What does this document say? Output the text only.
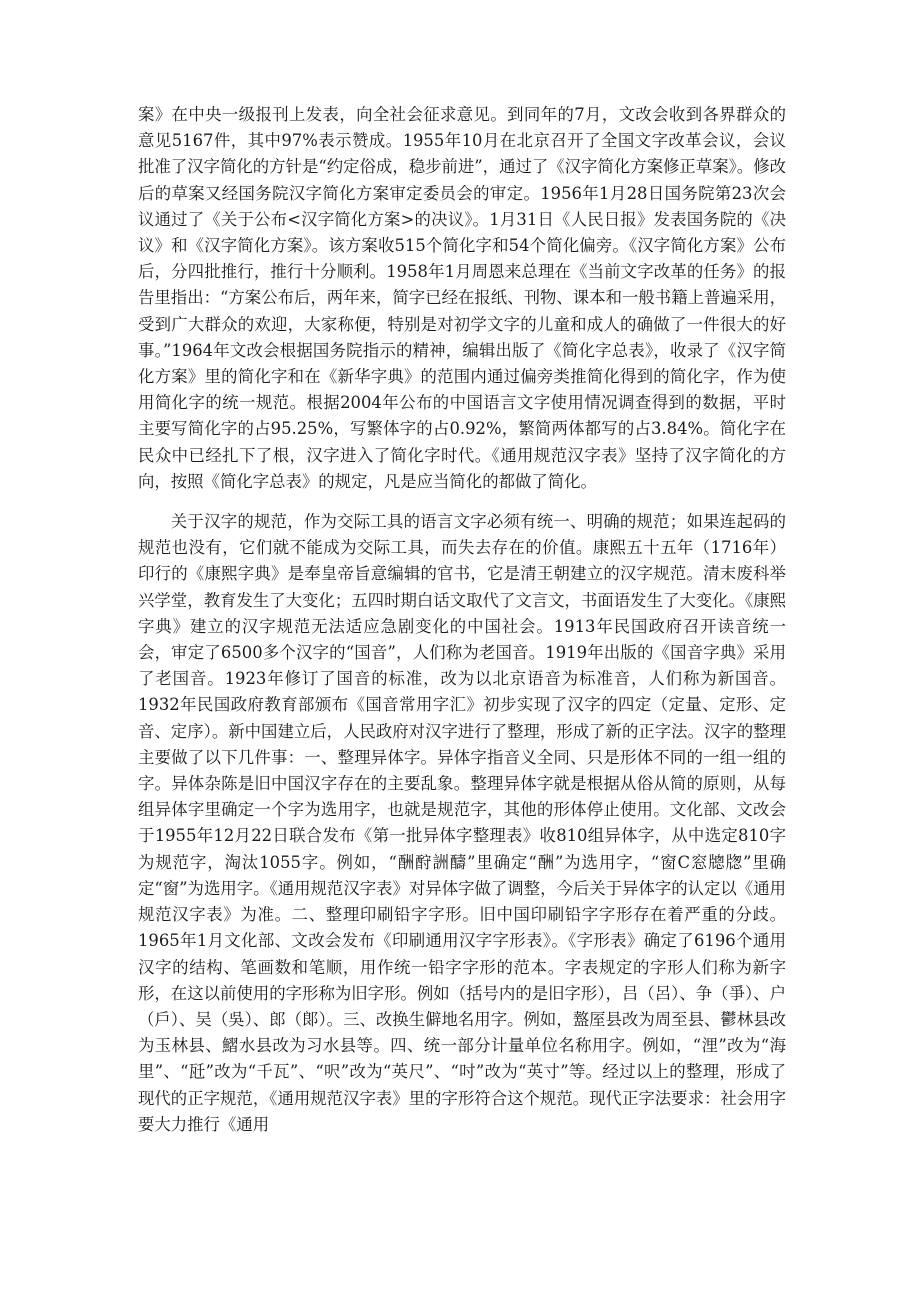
案》在中央一级报刊上发表，向全社会征求意见。到同年的7月，文改会收到各界群众的意见5167件，其中97%表示赞成。1955年10月在北京召开了全国文字改革会议，会议批准了汉字简化的方针是“约定俗成，稳步前进”，通过了《汉字简化方案修正草案》。修改后的草案又经国务院汉字简化方案审定委员会的审定。1956年1月28日国务院第23次会议通过了《关于公布<汉字简化方案>的决议》。1月31日《人民日报》发表国务院的《决议》和《汉字简化方案》。该方案收515个简化字和54个简化偏旁。《汉字简化方案》公布后，分四批推行，推行十分顺利。1958年1月周恩来总理在《当前文字改革的任务》的报告里指出：“方案公布后，两年来，简字已经在报纸、刊物、课本和一般书籍上普遍采用，受到广大群众的欢迎，大家称便，特别是对初学文字的儿童和成人的确做了一件很大的好事。”1964年文改会根据国务院指示的精神，编辑出版了《简化字总表》，收录了《汉字简化方案》里的简化字和在《新华字典》的范围内通过偏旁类推简化得到的简化字，作为使用简化字的统一规范。根据2004年公布的中国语言文字使用情况调查得到的数据，平时主要写简化字的占95.25%，写繁体字的占0.92%，繁简两体都写的占3.84%。简化字在民众中已经扎下了根，汉字进入了简化字时代。《通用规范汉字表》坚持了汉字简化的方向，按照《简化字总表》的规定，凡是应当简化的都做了简化。

关于汉字的规范，作为交际工具的语言文字必须有统一、明确的规范；如果连起码的规范也没有，它们就不能成为交际工具，而失去存在的价值。康熙五十五年（1716年）印行的《康熙字典》是奉皇帝旨意编辑的官书，它是清王朝建立的汉字规范。清末废科举兴学堂，教育发生了大变化；五四时期白话文取代了文言文，书面语发生了大变化。《康熙字典》建立的汉字规范无法适应急剧变化的中国社会。1913年民国政府召开读音统一会，审定了6500多个汉字的“国音”，人们称为老国音。1919年出版的《国音字典》采用了老国音。1923年修订了国音的标准，改为以北京语音为标准音，人们称为新国音。1932年民国政府教育部颁布《国音常用字汇》初步实现了汉字的四定（定量、定形、定音、定序）。新中国建立后，人民政府对汉字进行了整理，形成了新的正字法。汉字的整理主要做了以下几件事：一、整理异体字。异体字指音义全同、只是形体不同的一组一组的字。异体杂陈是旧中国汉字存在的主要乱象。整理异体字就是根据从俗从简的原则，从每组异体字里确定一个字为选用字，也就是规范字，其他的形体停止使用。文化部、文改会于1955年12月22日联合发布《第一批异体字整理表》收810组异体字，从中选定810字为规范字，淘汰1055字。例如，“酬酧詶醻”里确定“酬”为选用字，“窗C窓牕牎”里确定“窗”为选用字。《通用规范汉字表》对异体字做了调整，今后关于异体字的认定以《通用规范汉字表》为准。二、整理印刷铅字字形。旧中国印刷铅字字形存在着严重的分歧。1965年1月文化部、文改会发布《印刷通用汉字字形表》。《字形表》确定了6196个通用汉字的结构、笔画数和笔顺，用作统一铅字字形的范本。字表规定的字形人们称为新字形，在这以前使用的字形称为旧字形。例如（括号内的是旧字形），吕（呂）、争（爭）、户（戶）、吴（吳）、郎（郞）。三、改换生僻地名用字。例如，盩厔县改为周至县、鬱林县改为玉林县、鰼水县改为习水县等。四、统一部分计量单位名称用字。例如，“浬”改为“海里”、“瓩”改为“千瓦”、“呎”改为“英尺”、“吋”改为“英寸”等。经过以上的整理，形成了现代的正字规范，《通用规范汉字表》里的字形符合这个规范。现代正字法要求：社会用字要大力推行《通用
